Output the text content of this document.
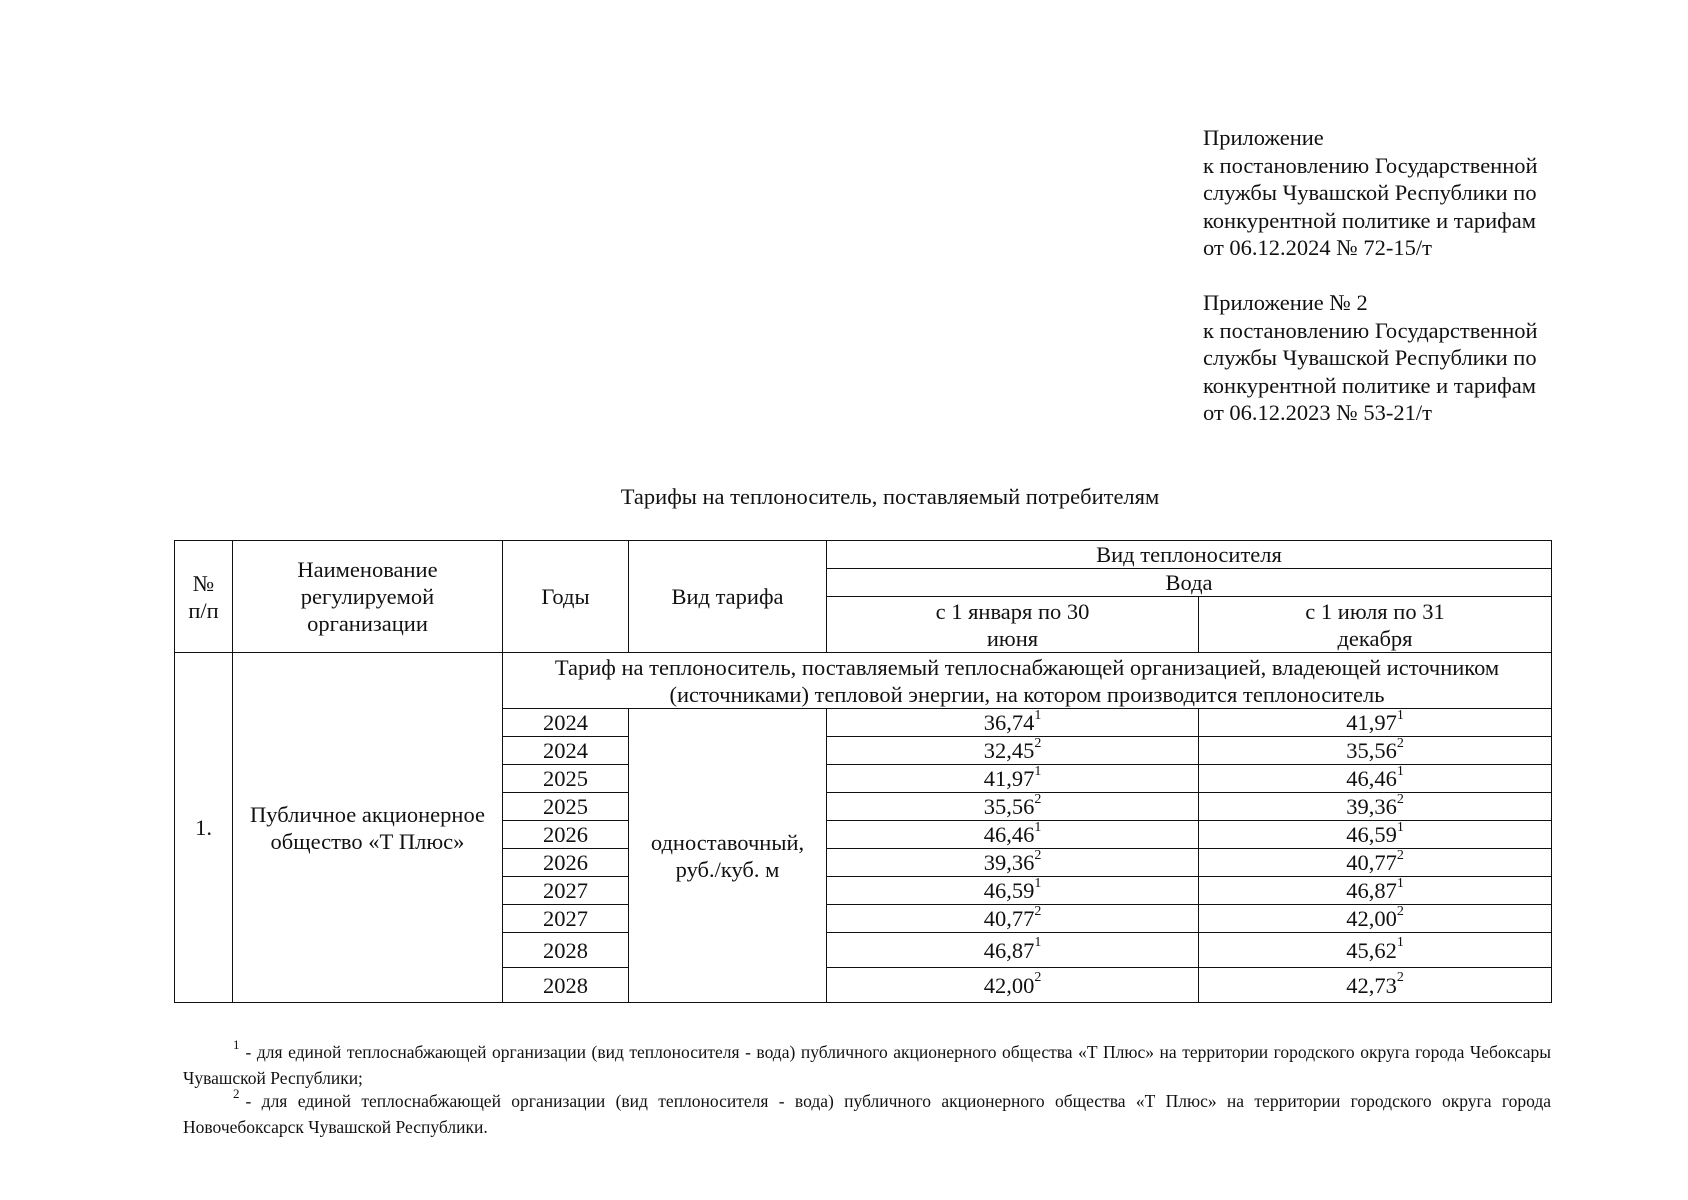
Приложение
к постановлению Государственной
службы Чувашской Республики по
конкурентной политике и тарифам
от 06.12.2024 № 72-15/т
Приложение № 2
к постановлению Государственной
службы Чувашской Республики по
конкурентной политике и тарифам
от 06.12.2023 № 53-21/т
Тарифы на теплоноситель, поставляемый потребителям
№ п/п	Наименование регулируемой организации	Годы	Вид тарифа	Вид теплоносителя	
				Вода	
				с 1 января по 30 июня	с 1 июля по 31 декабря
1.	Публичное акционерное общество «Т Плюс»	Тариф на теплоноситель, поставляемый теплоснабжающей организацией, владеющей источником (источниками) тепловой энергии, на котором производится теплоноситель			
		2024	одноставочный, руб./куб. м	36,74$^1$	41,97$^1$
		2024		32,45$^2$	35,56$^2$
		2025		41,97$^1$	46,46$^1$
		2025		35,56$^2$	39,36$^2$
		2026		46,46$^1$	46,59$^1$
		2026		39,36$^2$	40,77$^2$
		2027		46,59$^1$	46,87$^1$
		2027		40,77$^2$	42,00$^2$
		2028		46,87$^1$	45,62$^1$
		2028		42,00$^2$	42,73$^2$
$^1$ - для единой теплоснабжающей организации (вид теплоносителя - вода) публичного акционерного общества «Т Плюс» на территории городского округа города Чебоксары Чувашской Республики;
$^2$ - для единой теплоснабжающей организации (вид теплоносителя - вода) публичного акционерного общества «Т Плюс» на территории городского округа города Новочебоксарск Чувашской Республики.
